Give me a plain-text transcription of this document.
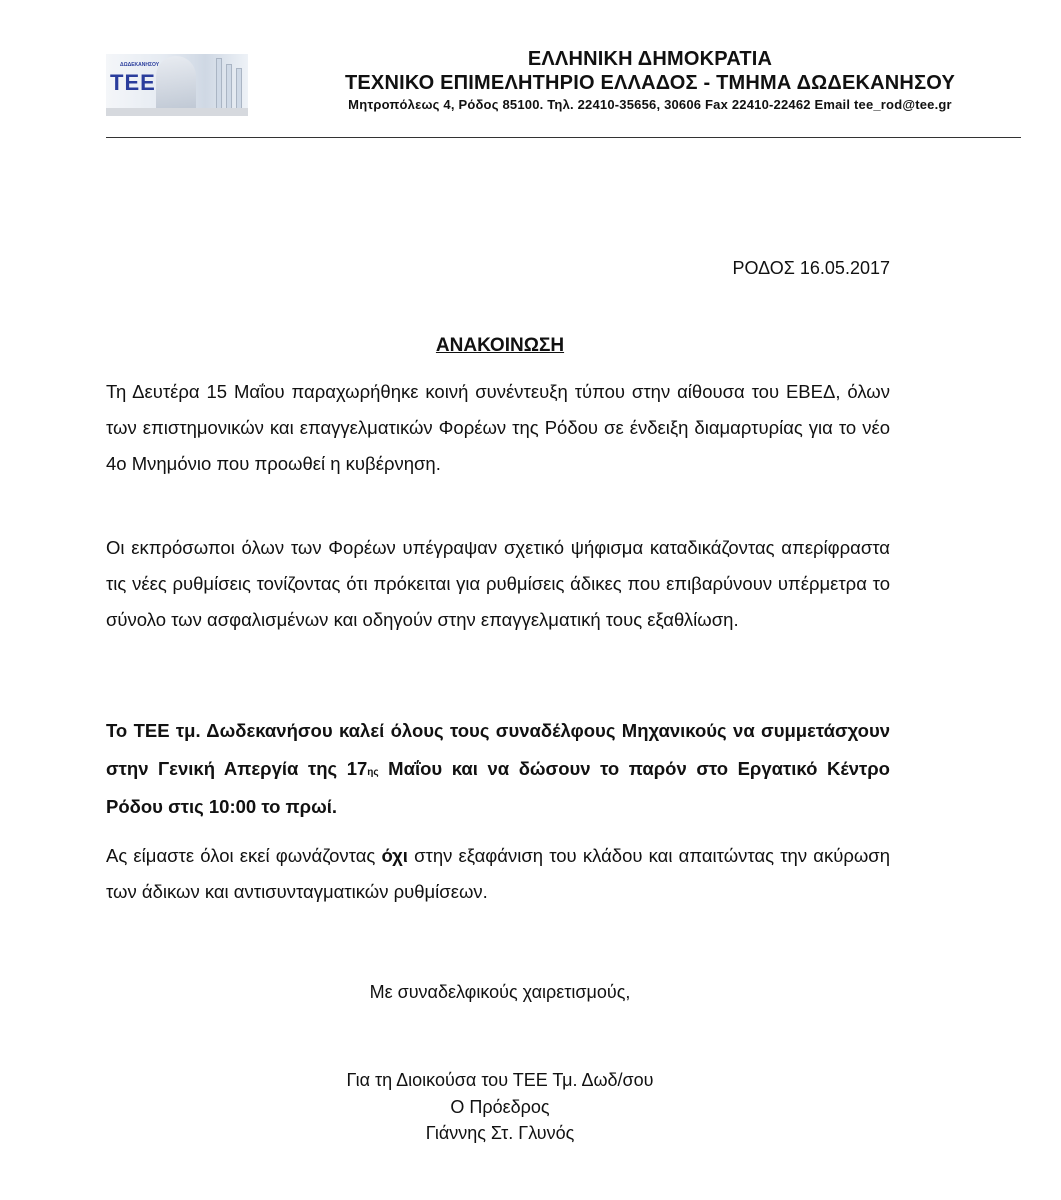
ΔΩΔΕΚΑΝΗΣΟΥ
ΤΕΕ
ΕΛΛΗΝΙΚΗ ΔΗΜΟΚΡΑΤΙΑ
ΤΕΧΝΙΚΟ ΕΠΙΜΕΛΗΤΗΡΙΟ ΕΛΛΑΔΟΣ - ΤΜΗΜΑ ΔΩΔΕΚΑΝΗΣΟΥ
Μητροπόλεως 4, Ρόδος 85100. Τηλ. 22410-35656, 30606 Fax 22410-22462 Email tee_rod@tee.gr
ΡΟΔΟΣ 16.05.2017
ΑΝΑΚΟΙΝΩΣΗ
Τη Δευτέρα 15 Μαΐου παραχωρήθηκε κοινή συνέντευξη τύπου στην αίθουσα του ΕΒΕΔ, όλων των επιστημονικών και επαγγελματικών Φορέων της Ρόδου σε ένδειξη διαμαρτυρίας για το νέο 4ο Μνημόνιο που προωθεί η κυβέρνηση.
Οι εκπρόσωποι όλων των Φορέων υπέγραψαν σχετικό ψήφισμα καταδικάζοντας απερίφραστα τις νέες ρυθμίσεις τονίζοντας ότι πρόκειται για ρυθμίσεις άδικες που επιβαρύνουν υπέρμετρα το σύνολο των ασφαλισμένων και οδηγούν στην επαγγελματική τους εξαθλίωση.
Το ΤΕΕ τμ. Δωδεκανήσου καλεί όλους τους συναδέλφους Μηχανικούς να συμμετάσχουν στην Γενική Απεργία της $17^{\eta\varsigma}$ Μαΐου και να δώσουν το παρόν στο Εργατικό Κέντρο Ρόδου στις 10:00 το πρωί.
Ας είμαστε όλοι εκεί φωνάζοντας όχι στην εξαφάνιση του κλάδου και απαιτώντας την ακύρωση των άδικων και αντισυνταγματικών ρυθμίσεων.
Με συναδελφικούς χαιρετισμούς,
Για τη Διοικούσα του ΤΕΕ Τμ. Δωδ/σου
Ο Πρόεδρος
Γιάννης Στ. Γλυνός
